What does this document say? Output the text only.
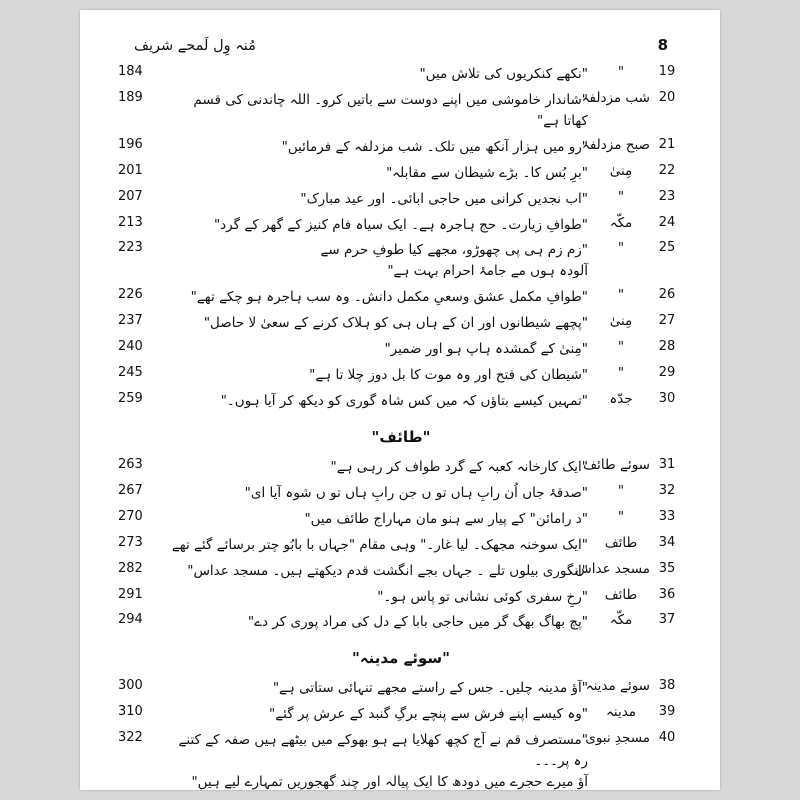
مُنہ وِل لَمحے شریف	8
19	"	"نکھے کنکریوں کی تلاش میں"	184
20	شب مزدلفہ	"شاندار خاموشی میں اپنے دوست سے باتیں کرو۔ اللہ چاندنی کی قسم کھاتا ہے"	189
21	صبح مزدلفہ	"رو میں ہزار آنکھ میں تلک۔ شب مزدلفہ کے فرمائیں"	196
22	مِنیٰ	"برِ بُس کا۔ بڑے شیطان سے مقابلہ"	201
23	"	"اب نجدیں کرانی میں حاجی ابائی۔ اور عید مبارک"	207
24	مکّہ	"طوافِ زیارت۔ حج ہاجرہ ہے۔ ایک سیاہ فام کنیز کے گھر کے گرد"	213
25	"	"زم زم ہی پی چھوڑو، مجھے کیا طوفِ حرم سے
آلودہ ہوں مے جامۂ احرام بہت ہے"	223
26	"	"طوافِ مکمل عشق وسعیِ مکمل دانش۔ وہ سب ہاجرہ ہو چکے تھے"	226
27	مِنیٰ	"پچھے شیطانوں اور ان کے ہاں ہی کو ہلاک کرنے کے سعیٰ لا حاصل"	237
28	"	"مِنیٰ کے گمشدہ ہاپ ہو اور ضمیر"	240
29	"	"شیطان کی فتح اور وہ موت کا بل دوز چلا تا ہے"	245
30	جدّہ	"تمہیں کیسے بتاؤں کہ میں کس شاہ گوری کو دیکھ کر آیا ہوں۔"	259
"طائف"			
31	سوئے طائف	"ایک کارخانہ کعبہ کے گرد طواف کر رہی ہے"	263
32	"	"صدقۂ جاں اُن رابِ ہاں تو ں جن رابِ ہاں تو ں شوہ آیا ای"	267
33	"	"د رامائن" کے پیار سے ہنو مان مہاراج طائف میں"	270
34	طائف	"ایک سوخنہ مجھک۔ لیا غار۔" وہی مقام "جہاں با بابُو چتر برسائے گئے تھے	273
35	مسجد عداس	"انگوری بیلوں تلے ۔ جہاں بجے انگشت قدم دیکھتے ہیں۔ مسجد عداس"	282
36	طائف	"رخِ سفری کوئی نشانی تو پاس ہو۔"	291
37	مکّہ	"پچ بھاگ بھگ گر میں حاجی بابا کے دل کی مراد پوری کر دے"	294
"سوئے مدینہ"			
38	سوئے مدینہ	"آؤ مدینہ چلیں۔ جس کے راستے مجھے تنہائی ستاتی ہے"	300
39	مدینہ	"وہ کیسے اپنے فرش سے پنچے برگِ گنبد کے عرش پر گئے"	310
40	مسجدِ نبوی	"مستصرف قم نے آج کچھ کھلایا ہے ہو بھوکے میں بیٹھے ہیں صفہ کے کتنے رہ پر۔۔۔
آؤ میرے حجرے میں دودھ کا ایک پیالہ اور چند گھجوریں تمہارے لیے ہیں"	322
